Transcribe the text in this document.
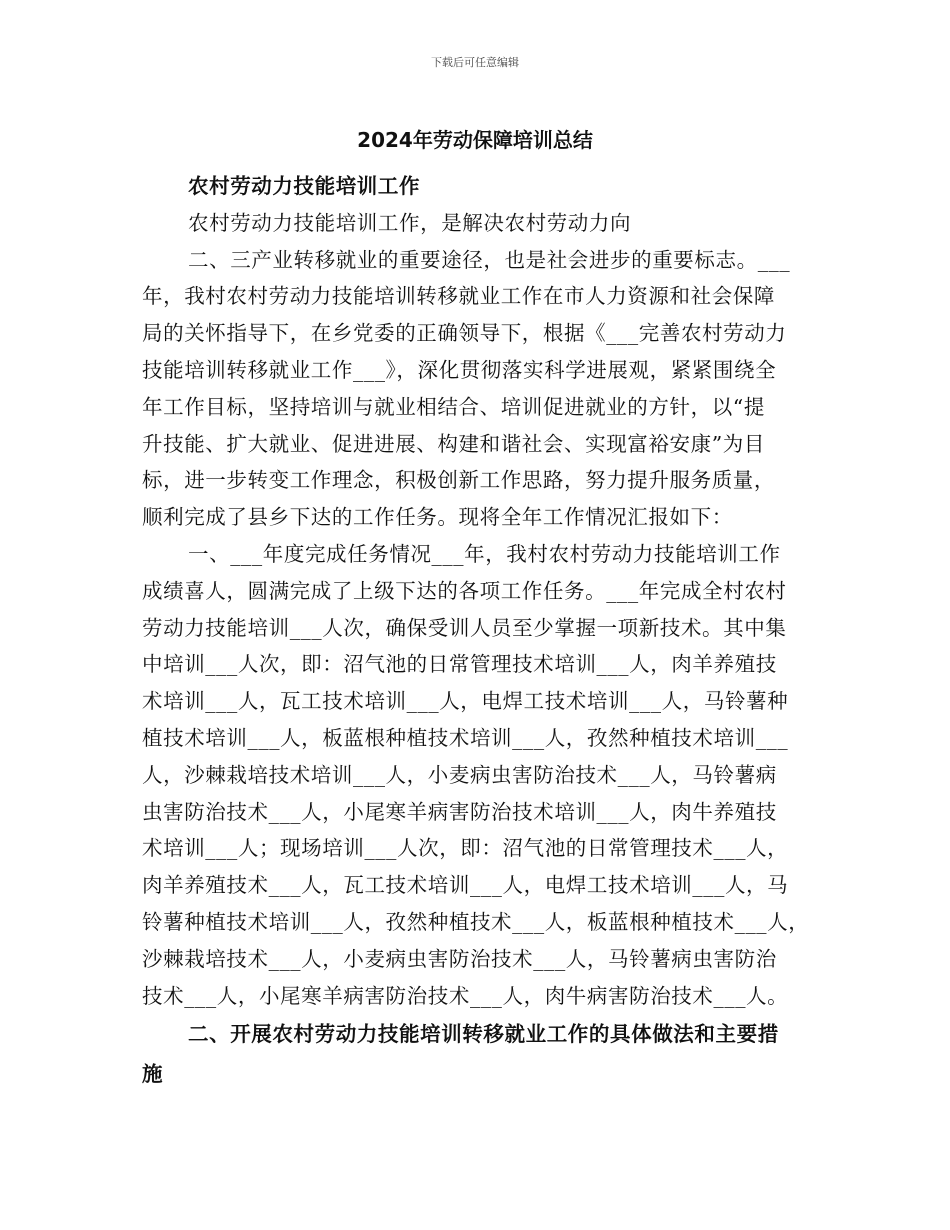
下载后可任意编辑
2024年劳动保障培训总结

农村劳动力技能培训工作

农村劳动力技能培训工作，是解决农村劳动力向

二、三产业转移就业的重要途径，也是社会进步的重要标志。___

年，我村农村劳动力技能培训转移就业工作在市人力资源和社会保障

局的关怀指导下，在乡党委的正确领导下，根据《___完善农村劳动力

技能培训转移就业工作___》，深化贯彻落实科学进展观，紧紧围绕全

年工作目标，坚持培训与就业相结合、培训促进就业的方针，以“提

升技能、扩大就业、促进进展、构建和谐社会、实现富裕安康”为目

标，进一步转变工作理念，积极创新工作思路，努力提升服务质量，

顺利完成了县乡下达的工作任务。现将全年工作情况汇报如下：

一、___年度完成任务情况___年，我村农村劳动力技能培训工作

成绩喜人，圆满完成了上级下达的各项工作任务。___年完成全村农村

劳动力技能培训___人次，确保受训人员至少掌握一项新技术。其中集

中培训___人次，即：沼气池的日常管理技术培训___人，肉羊养殖技

术培训___人，瓦工技术培训___人，电焊工技术培训___人，马铃薯种

植技术培训___人，板蓝根种植技术培训___人，孜然种植技术培训___

人，沙棘栽培技术培训___人，小麦病虫害防治技术___人，马铃薯病

虫害防治技术___人，小尾寒羊病害防治技术培训___人，肉牛养殖技

术培训___人；现场培训___人次，即：沼气池的日常管理技术___人，

肉羊养殖技术___人，瓦工技术培训___人，电焊工技术培训___人，马

铃薯种植技术培训___人，孜然种植技术___人，板蓝根种植技术___人，

沙棘栽培技术___人，小麦病虫害防治技术___人，马铃薯病虫害防治

技术___人，小尾寒羊病害防治技术___人，肉牛病害防治技术___人。

二、开展农村劳动力技能培训转移就业工作的具体做法和主要措

施
